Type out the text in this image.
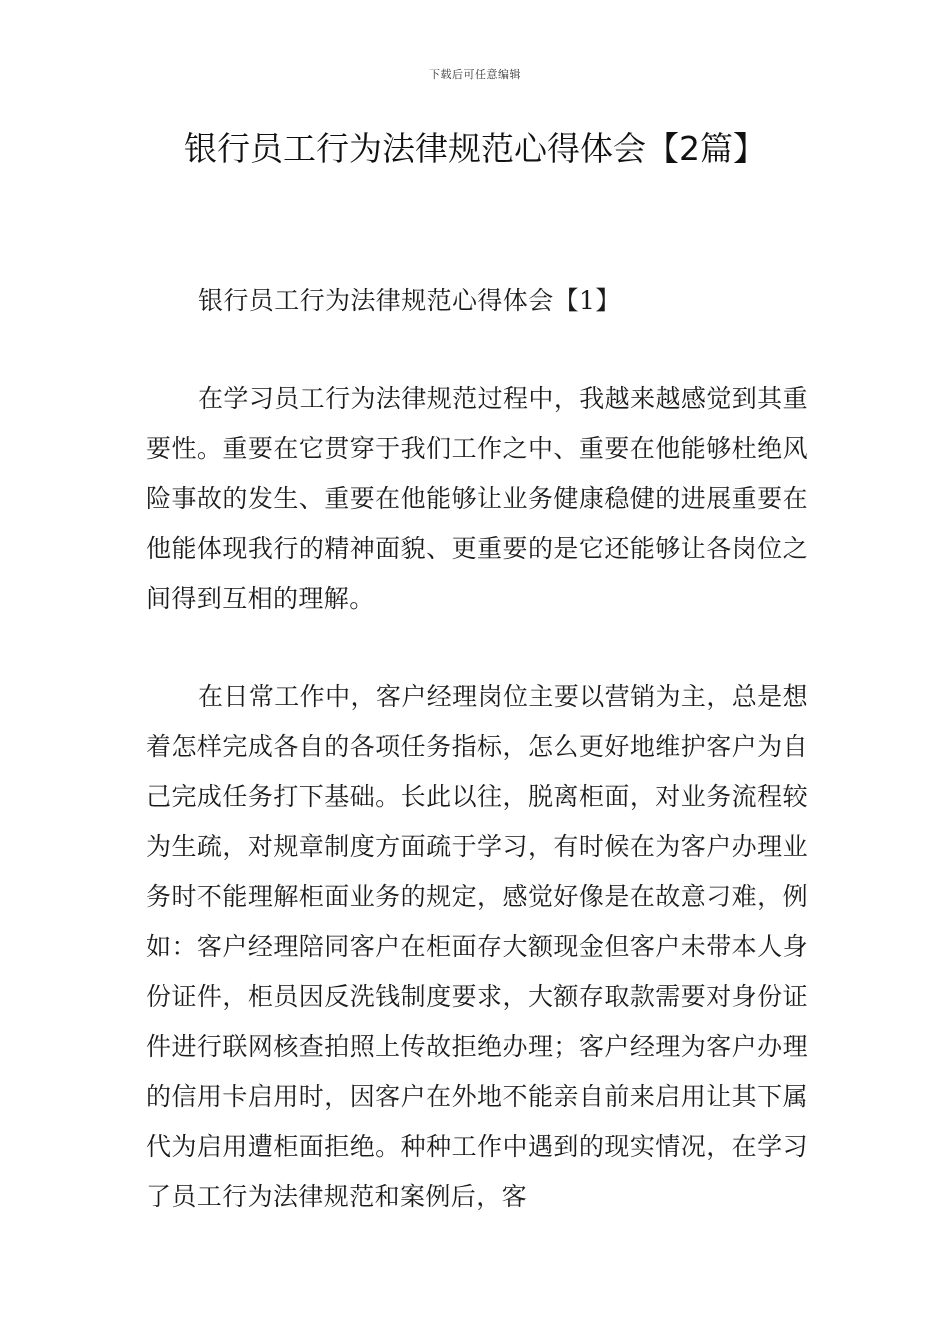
下载后可任意编辑
银行员工行为法律规范心得体会【2篇】
银行员工行为法律规范心得体会【1】

在学习员工行为法律规范过程中，我越来越感觉到其重要性。重要在它贯穿于我们工作之中、重要在他能够杜绝风险事故的发生、重要在他能够让业务健康稳健的进展重要在他能体现我行的精神面貌、更重要的是它还能够让各岗位之间得到互相的理解。

在日常工作中，客户经理岗位主要以营销为主，总是想着怎样完成各自的各项任务指标，怎么更好地维护客户为自己完成任务打下基础。长此以往，脱离柜面，对业务流程较为生疏，对规章制度方面疏于学习，有时候在为客户办理业务时不能理解柜面业务的规定，感觉好像是在故意刁难，例如：客户经理陪同客户在柜面存大额现金但客户未带本人身份证件，柜员因反洗钱制度要求，大额存取款需要对身份证件进行联网核查拍照上传故拒绝办理；客户经理为客户办理的信用卡启用时，因客户在外地不能亲自前来启用让其下属代为启用遭柜面拒绝。种种工作中遇到的现实情况，在学习了员工行为法律规范和案例后，客
